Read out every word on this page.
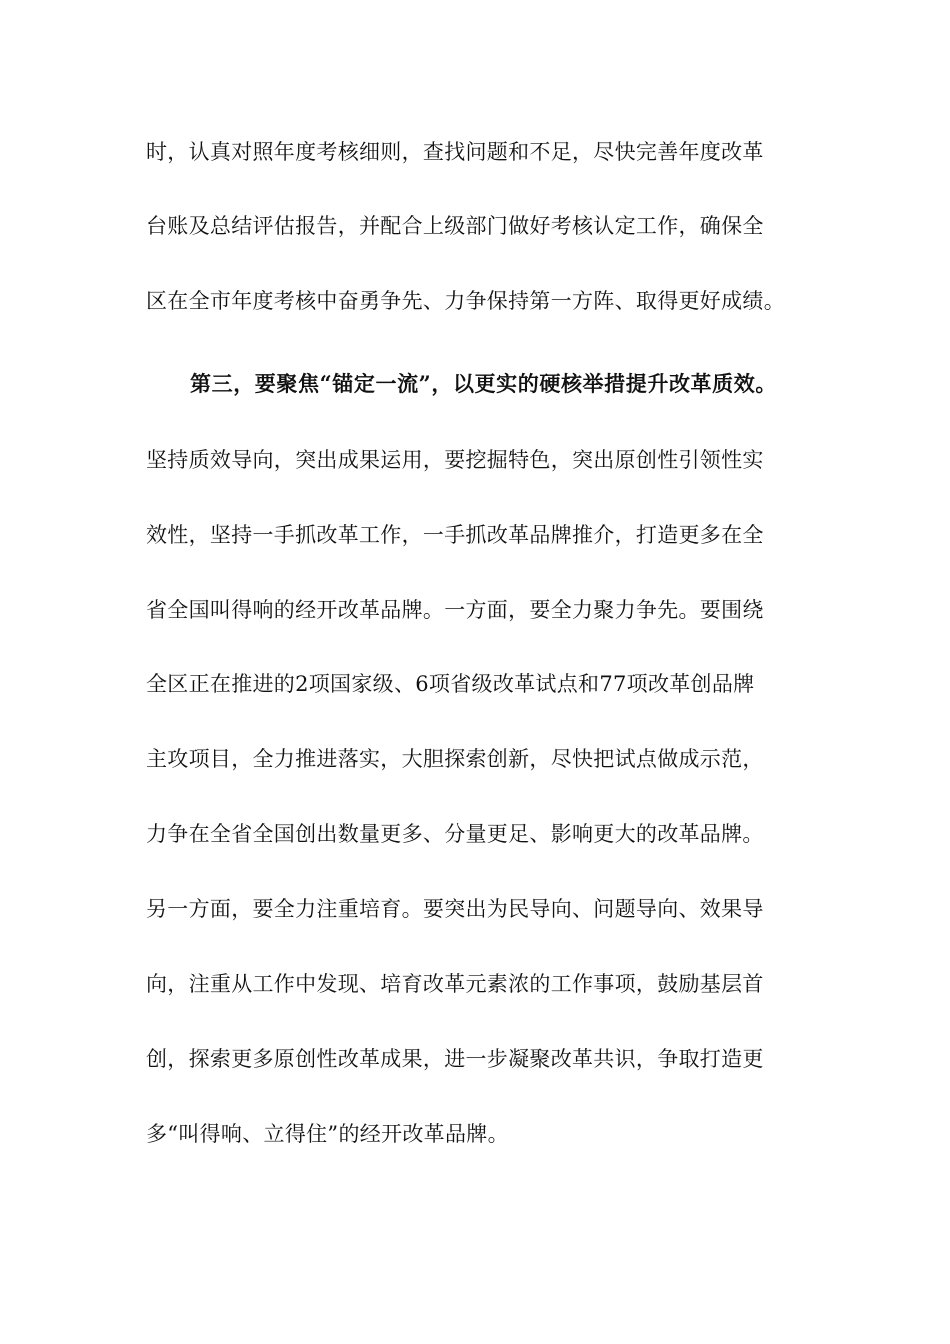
时，认真对照年度考核细则，查找问题和不足，尽快完善年度改革
台账及总结评估报告，并配合上级部门做好考核认定工作，确保全
区在全市年度考核中奋勇争先、力争保持第一方阵、取得更好成绩。
第三，要聚焦“锚定一流”，以更实的硬核举措提升改革质效。
坚持质效导向，突出成果运用，要挖掘特色，突出原创性引领性实
效性，坚持一手抓改革工作，一手抓改革品牌推介，打造更多在全
省全国叫得响的经开改革品牌。一方面，要全力聚力争先。要围绕
全区正在推进的2项国家级、6项省级改革试点和77项改革创品牌
主攻项目，全力推进落实，大胆探索创新，尽快把试点做成示范，
力争在全省全国创出数量更多、分量更足、影响更大的改革品牌。
另一方面，要全力注重培育。要突出为民导向、问题导向、效果导
向，注重从工作中发现、培育改革元素浓的工作事项，鼓励基层首
创，探索更多原创性改革成果，进一步凝聚改革共识，争取打造更
多“叫得响、立得住”的经开改革品牌。
